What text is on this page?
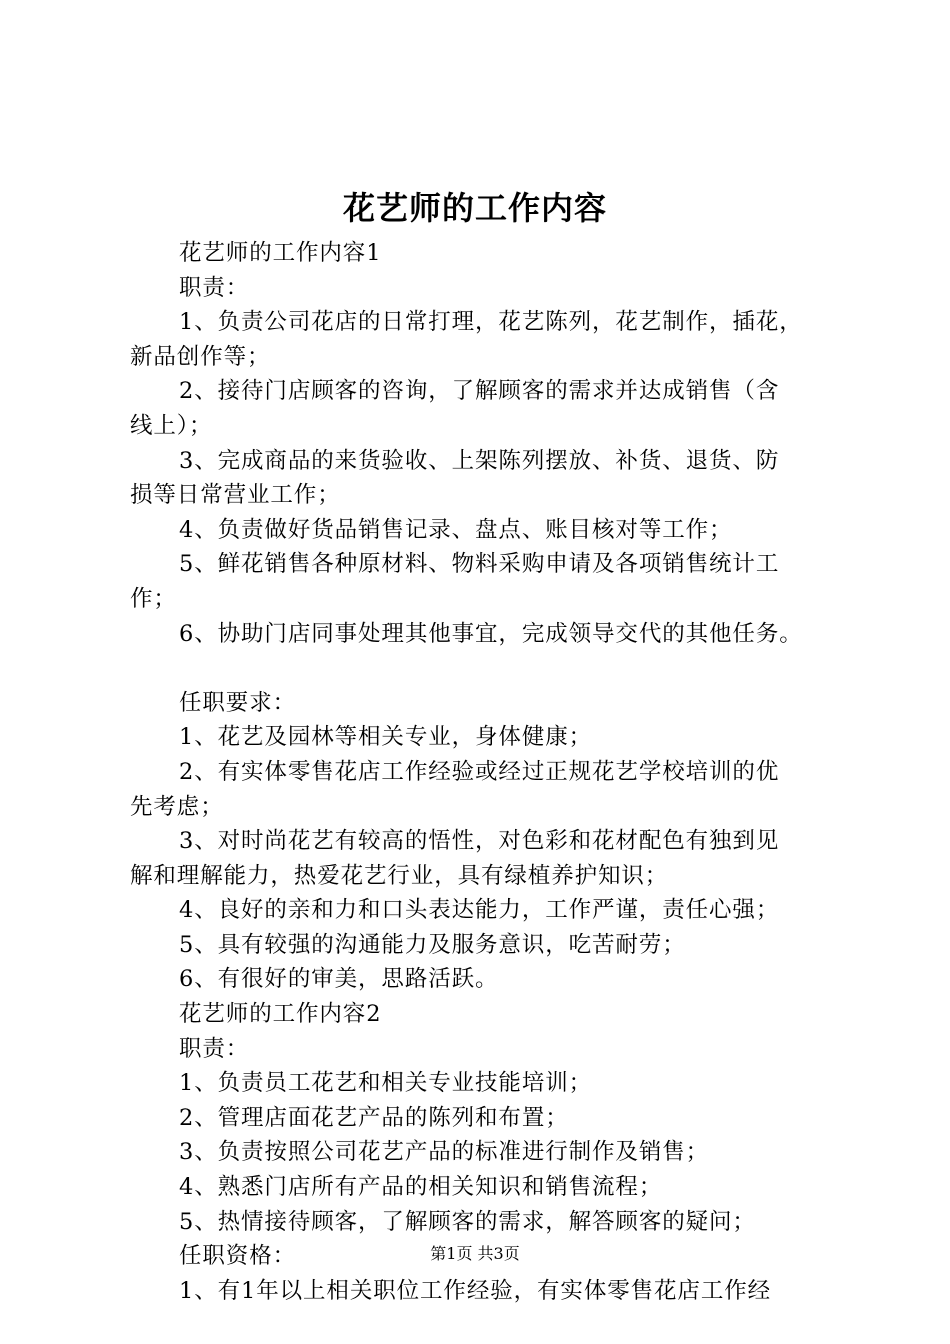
花艺师的工作内容
花艺师的工作内容1
职责：
1、负责公司花店的日常打理，花艺陈列，花艺制作，插花，
新品创作等；
2、接待门店顾客的咨询，了解顾客的需求并达成销售（含
线上）；
3、完成商品的来货验收、上架陈列摆放、补货、退货、防
损等日常营业工作；
4、负责做好货品销售记录、盘点、账目核对等工作；
5、鲜花销售各种原材料、物料采购申请及各项销售统计工
作；
6、协助门店同事处理其他事宜，完成领导交代的其他任务。
任职要求：
1、花艺及园林等相关专业，身体健康；
2、有实体零售花店工作经验或经过正规花艺学校培训的优
先考虑；
3、对时尚花艺有较高的悟性，对色彩和花材配色有独到见
解和理解能力，热爱花艺行业，具有绿植养护知识；
4、良好的亲和力和口头表达能力，工作严谨，责任心强；
5、具有较强的沟通能力及服务意识，吃苦耐劳；
6、有很好的审美，思路活跃。
花艺师的工作内容2
职责：
1、负责员工花艺和相关专业技能培训；
2、管理店面花艺产品的陈列和布置；
3、负责按照公司花艺产品的标准进行制作及销售；
4、熟悉门店所有产品的相关知识和销售流程；
5、热情接待顾客，了解顾客的需求，解答顾客的疑问；
任职资格：
1、有1年以上相关职位工作经验，有实体零售花店工作经
第1页 共3页
